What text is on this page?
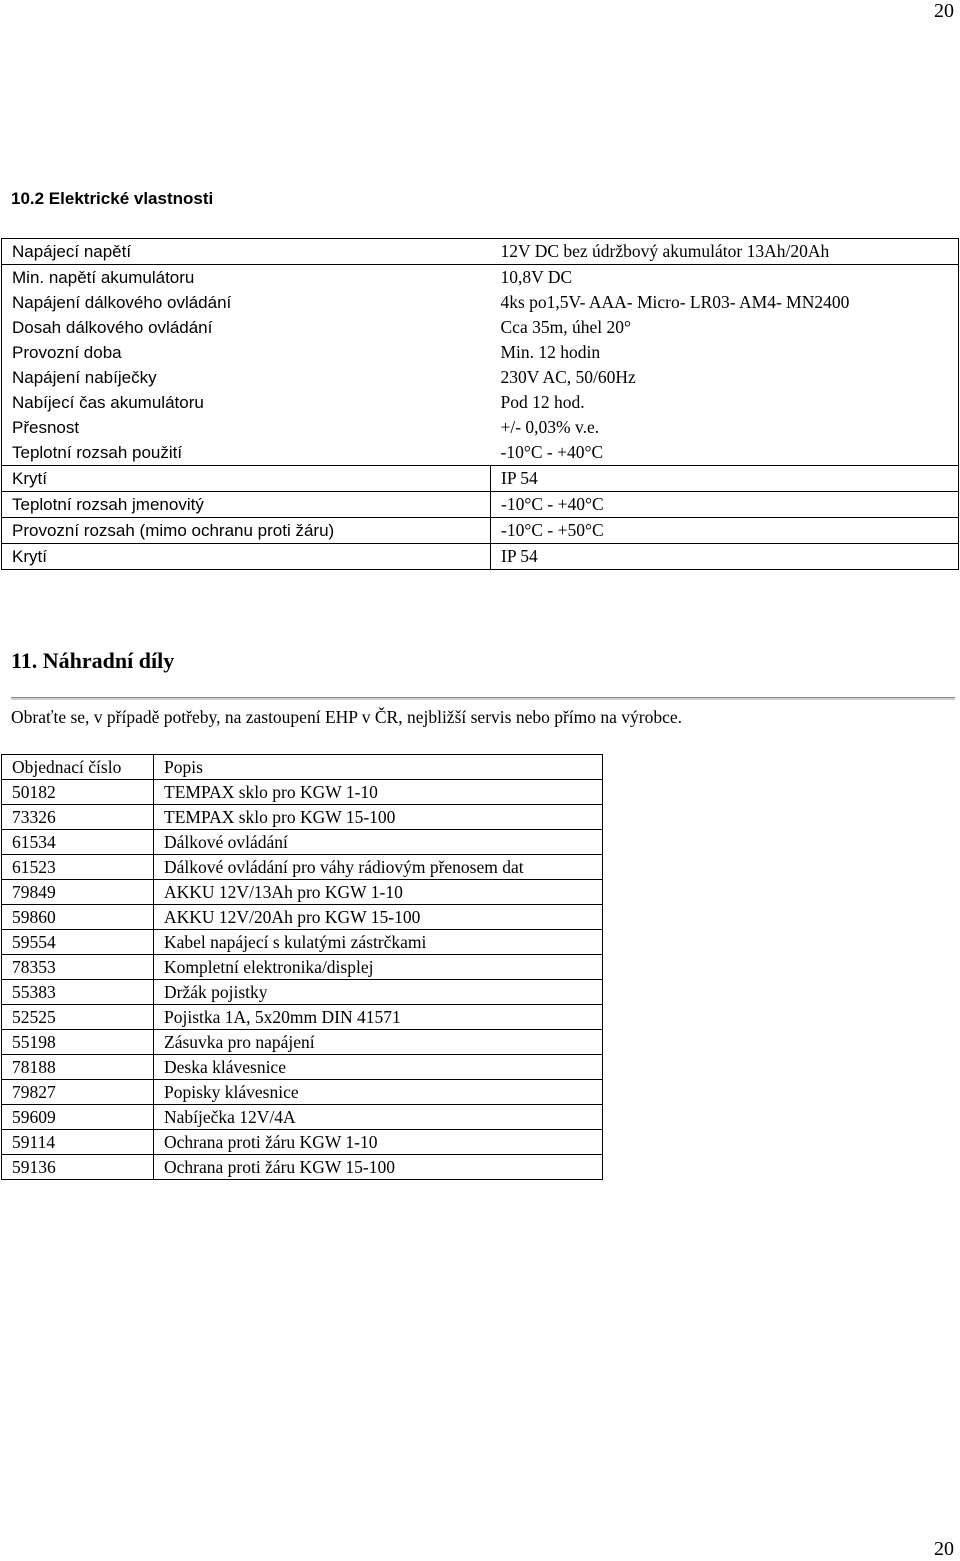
20
10.2 Elektrické vlastnosti
Napájecí napětí	12V DC bez údržbový akumulátor 13Ah/20Ah
Min. napětí akumulátoru	10,8V DC
Napájení dálkového ovládání	4ks po1,5V- AAA- Micro- LR03- AM4- MN2400
Dosah dálkového ovládání	Cca 35m, úhel 20°
Provozní doba	Min. 12 hodin
Napájení nabíječky	230V AC, 50/60Hz
Nabíjecí čas akumulátoru	Pod 12 hod.
Přesnost	+/- 0,03% v.e.
Teplotní rozsah použití	-10°C - +40°C
Krytí	IP 54
Teplotní rozsah jmenovitý	-10°C - +40°C
Provozní rozsah (mimo ochranu proti žáru)	-10°C - +50°C
Krytí	IP 54
11. Náhradní díly

Obraťte se, v případě potřeby, na zastoupení EHP v ČR, nejbližší servis nebo přímo na výrobce.

Objednací číslo	Popis
50182	TEMPAX sklo pro KGW 1-10
73326	TEMPAX sklo pro KGW 15-100
61534	Dálkové ovládání
61523	Dálkové ovládání pro váhy rádiovým přenosem dat
79849	AKKU 12V/13Ah pro KGW 1-10
59860	AKKU 12V/20Ah pro KGW 15-100
59554	Kabel napájecí s kulatými zástrčkami
78353	Kompletní elektronika/displej
55383	Držák pojistky
52525	Pojistka 1A, 5x20mm DIN 41571
55198	Zásuvka pro napájení
78188	Deska klávesnice
79827	Popisky klávesnice
59609	Nabíječka 12V/4A
59114	Ochrana proti žáru KGW 1-10
59136	Ochrana proti žáru KGW 15-100
20
